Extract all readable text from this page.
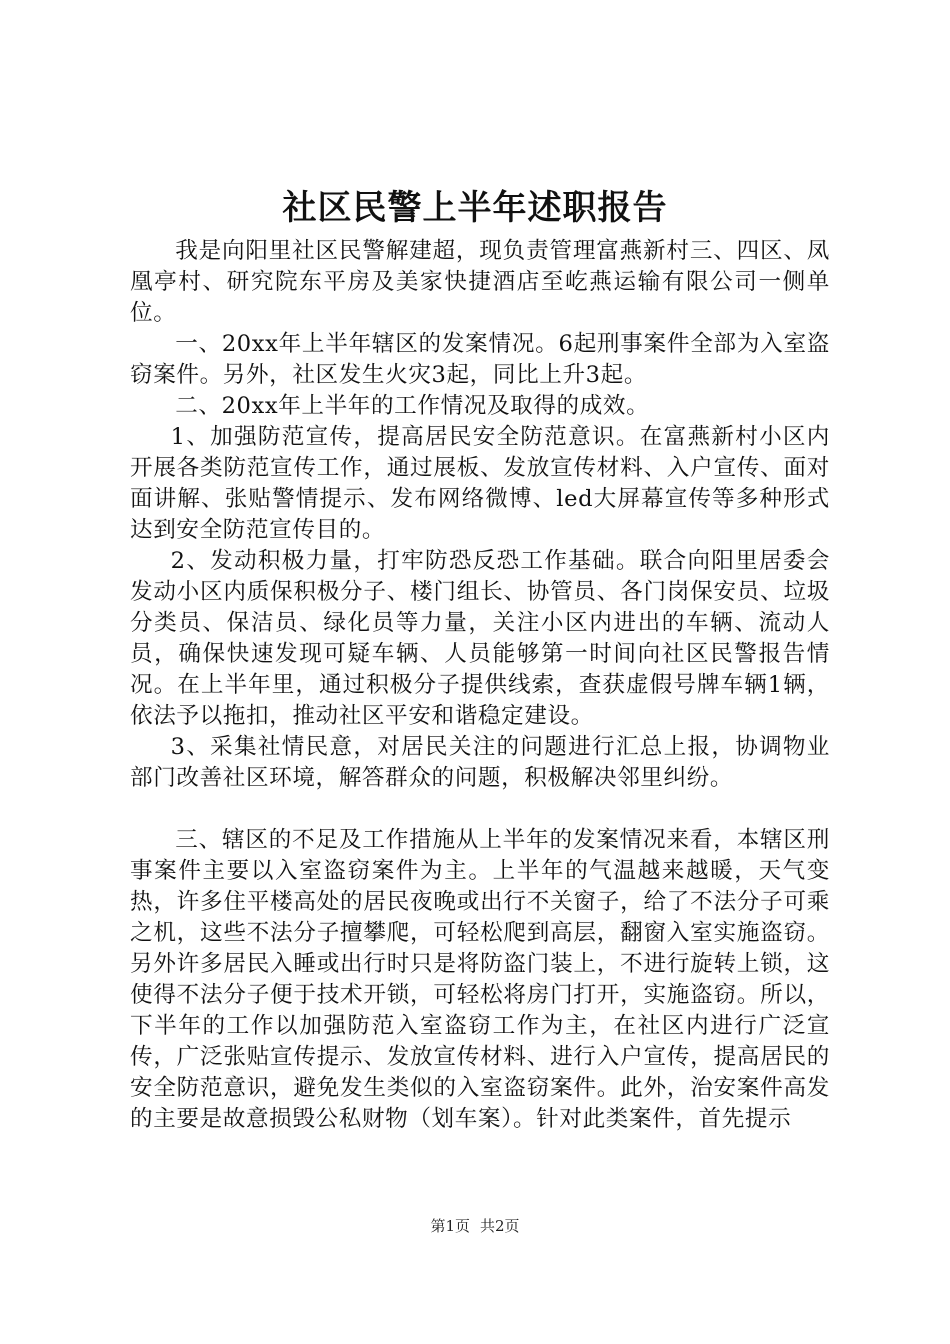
社区民警上半年述职报告

我是向阳里社区民警解建超，现负责管理富燕新村三、四区、凤凰亭村、研究院东平房及美家快捷酒店至屹燕运输有限公司一侧单位。

一、20xx年上半年辖区的发案情况。6起刑事案件全部为入室盗窃案件。另外，社区发生火灾3起，同比上升3起。

二、20xx年上半年的工作情况及取得的成效。

1、加强防范宣传，提高居民安全防范意识。在富燕新村小区内开展各类防范宣传工作，通过展板、发放宣传材料、入户宣传、面对面讲解、张贴警情提示、发布网络微博、led大屏幕宣传等多种形式达到安全防范宣传目的。

2、发动积极力量，打牢防恐反恐工作基础。联合向阳里居委会发动小区内质保积极分子、楼门组长、协管员、各门岗保安员、垃圾分类员、保洁员、绿化员等力量，关注小区内进出的车辆、流动人员，确保快速发现可疑车辆、人员能够第一时间向社区民警报告情况。在上半年里，通过积极分子提供线索，查获虚假号牌车辆1辆，依法予以拖扣，推动社区平安和谐稳定建设。

3、采集社情民意，对居民关注的问题进行汇总上报，协调物业部门改善社区环境，解答群众的问题，积极解决邻里纠纷。

三、辖区的不足及工作措施从上半年的发案情况来看，本辖区刑事案件主要以入室盗窃案件为主。上半年的气温越来越暖，天气变热，许多住平楼高处的居民夜晚或出行不关窗子，给了不法分子可乘之机，这些不法分子擅攀爬，可轻松爬到高层，翻窗入室实施盗窃。另外许多居民入睡或出行时只是将防盗门装上，不进行旋转上锁，这使得不法分子便于技术开锁，可轻松将房门打开，实施盗窃。所以，下半年的工作以加强防范入室盗窃工作为主，在社区内进行广泛宣传，广泛张贴宣传提示、发放宣传材料、进行入户宣传，提高居民的安全防范意识，避免发生类似的入室盗窃案件。此外，治安案件高发的主要是故意损毁公私财物（划车案）。针对此类案件，首先提示

第1页 共2页
